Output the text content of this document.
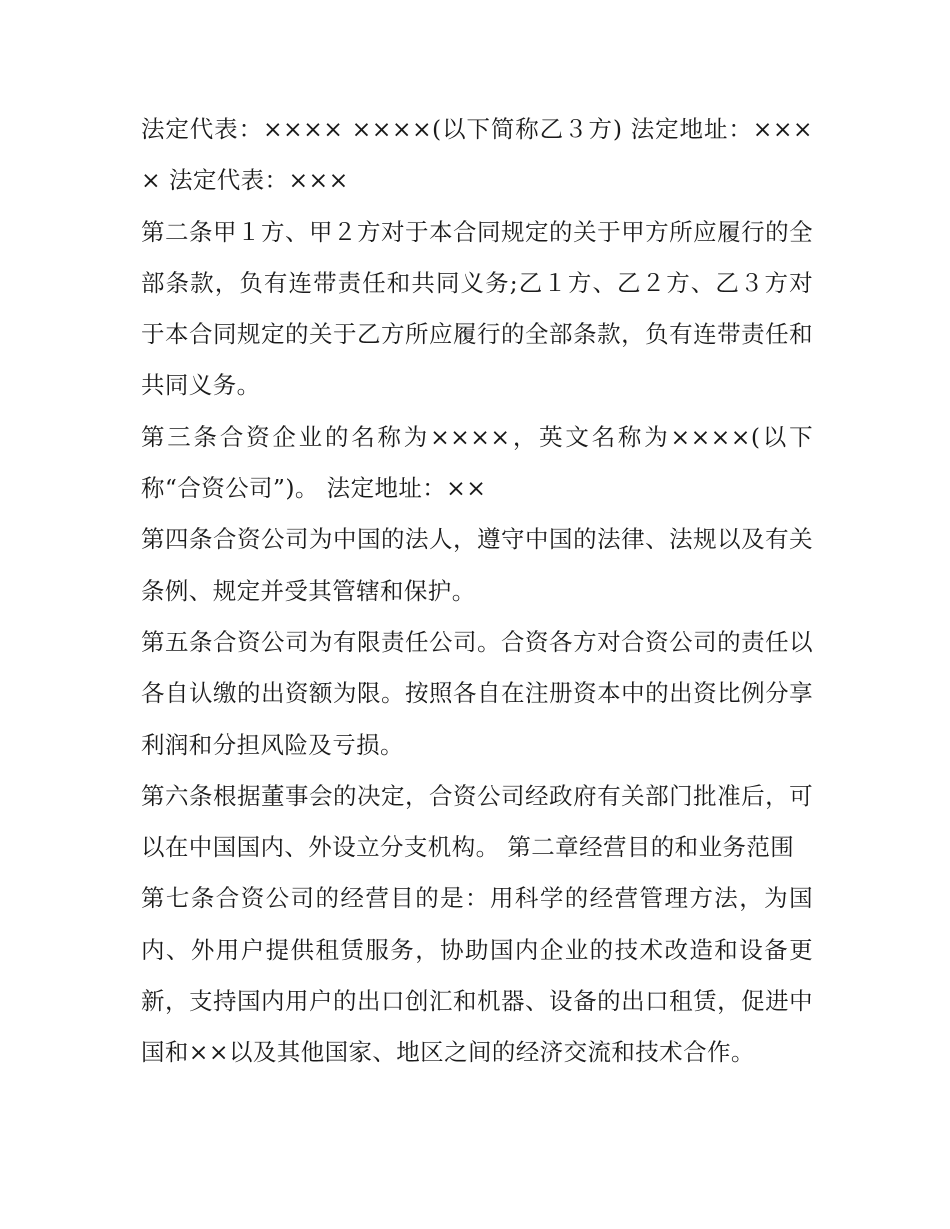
法定代表：×××× ××××(以下简称乙３方) 法定地址：×××× 法定代表：×××

第二条甲１方、甲２方对于本合同规定的关于甲方所应履行的全部条款，负有连带责任和共同义务;乙１方、乙２方、乙３方对于本合同规定的关于乙方所应履行的全部条款，负有连带责任和共同义务。

第三条合资企业的名称为××××，英文名称为××××(以下称“合资公司”)。 法定地址：××

第四条合资公司为中国的法人，遵守中国的法律、法规以及有关条例、规定并受其管辖和保护。

第五条合资公司为有限责任公司。合资各方对合资公司的责任以各自认缴的出资额为限。按照各自在注册资本中的出资比例分享利润和分担风险及亏损。

第六条根据董事会的决定，合资公司经政府有关部门批准后，可以在中国国内、外设立分支机构。 第二章经营目的和业务范围

第七条合资公司的经营目的是：用科学的经营管理方法，为国内、外用户提供租赁服务，协助国内企业的技术改造和设备更新，支持国内用户的出口创汇和机器、设备的出口租赁，促进中国和××以及其他国家、地区之间的经济交流和技术合作。
